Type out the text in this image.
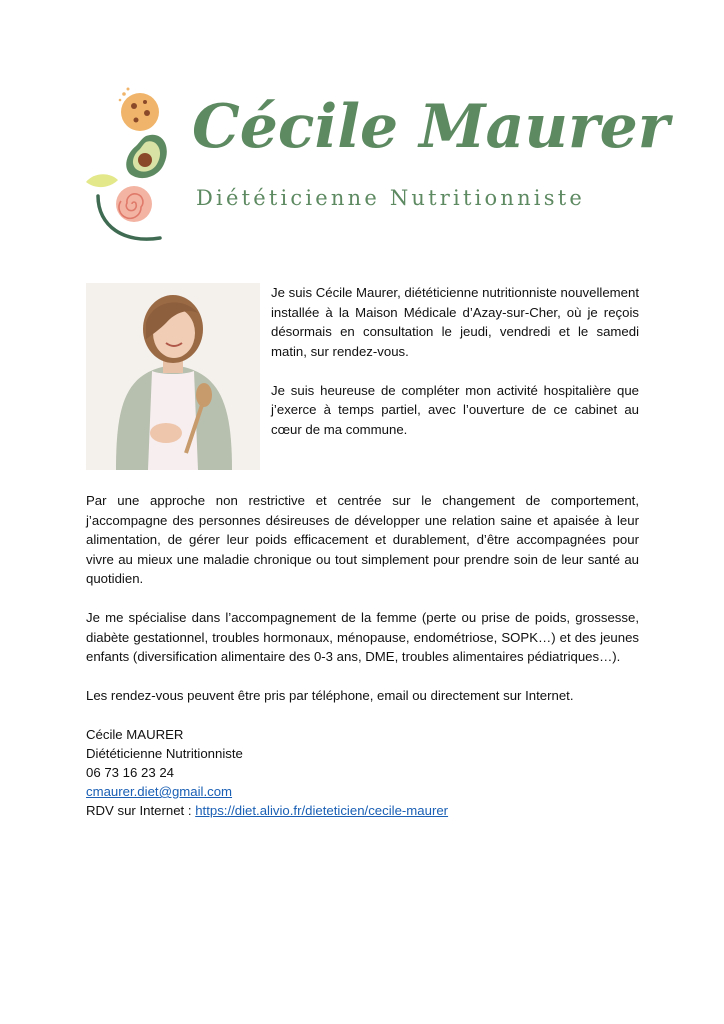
Cécile Maurer
Diététicienne Nutritionniste

Je suis Cécile Maurer, diététicienne nutritionniste nouvellement installée à la Maison Médicale d’Azay-sur-Cher, où je reçois désormais en consultation le jeudi, vendredi et le samedi matin, sur rendez-vous.

Je suis heureuse de compléter mon activité hospitalière que j’exerce à temps partiel, avec l’ouverture de ce cabinet au cœur de ma commune.

Par une approche non restrictive et centrée sur le changement de comportement, j’accompagne des personnes désireuses de développer une relation saine et apaisée à leur alimentation, de gérer leur poids efficacement et durablement, d’être accompagnées pour vivre au mieux une maladie chronique ou tout simplement pour prendre soin de leur santé au quotidien.

Je me spécialise dans l’accompagnement de la femme (perte ou prise de poids, grossesse, diabète gestationnel, troubles hormonaux, ménopause, endométriose, SOPK…) et des jeunes enfants (diversification alimentaire des 0-3 ans, DME, troubles alimentaires pédiatriques…).

Les rendez-vous peuvent être pris par téléphone, email ou directement sur Internet.

Cécile MAURER
Diététicienne Nutritionniste
06 73 16 23 24
cmaurer.diet@gmail.com
RDV sur Internet : https://diet.alivio.fr/dieteticien/cecile-maurer
